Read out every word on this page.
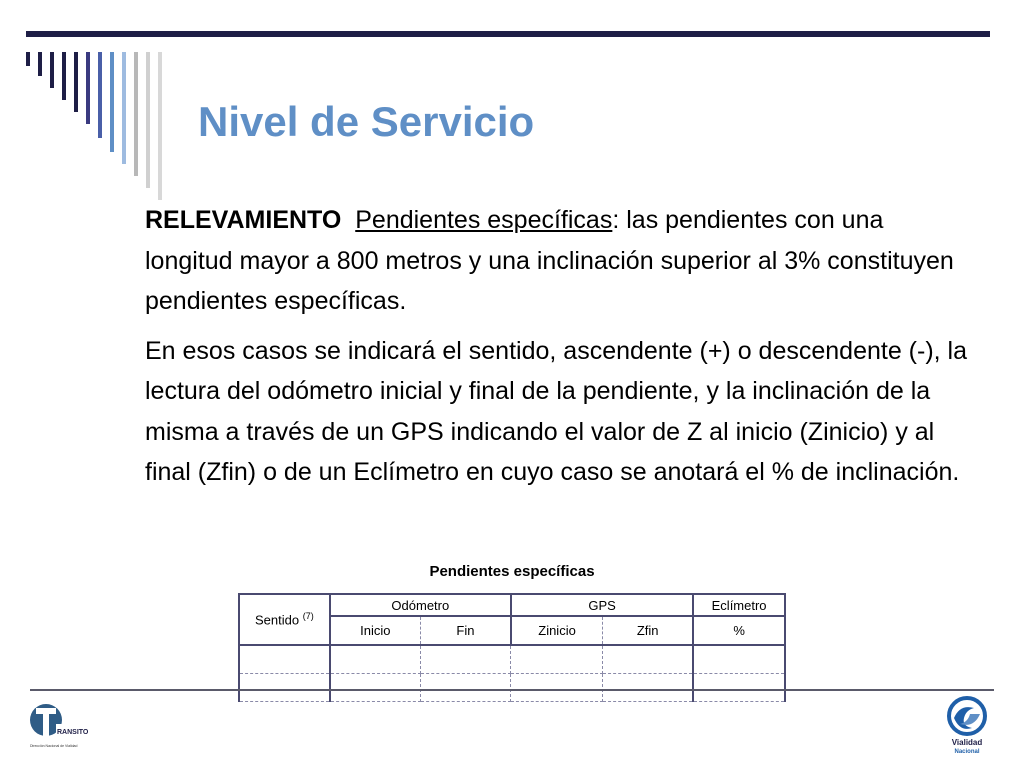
Nivel de Servicio

RELEVAMIENTO Pendientes específicas: las pendientes con una longitud mayor a 800 metros y una inclinación superior al 3% constituyen pendientes específicas.

En esos casos se indicará el sentido, ascendente (+) o descendente (-), la lectura del odómetro inicial y final de la pendiente, y la inclinación de la misma a través de un GPS indicando el valor de Z al inicio (Zinicio) y al final (Zfin) o de un Eclímetro en cuyo caso se anotará el % de inclinación.

Pendientes específicas
Sentido $^{(7)}$	Odómetro		GPS		Eclímetro
	Inicio	Fin	Zinicio	Zfin	%

RANSITO
Dirección Nacional de Vialidad	Vialidad
Nacional
